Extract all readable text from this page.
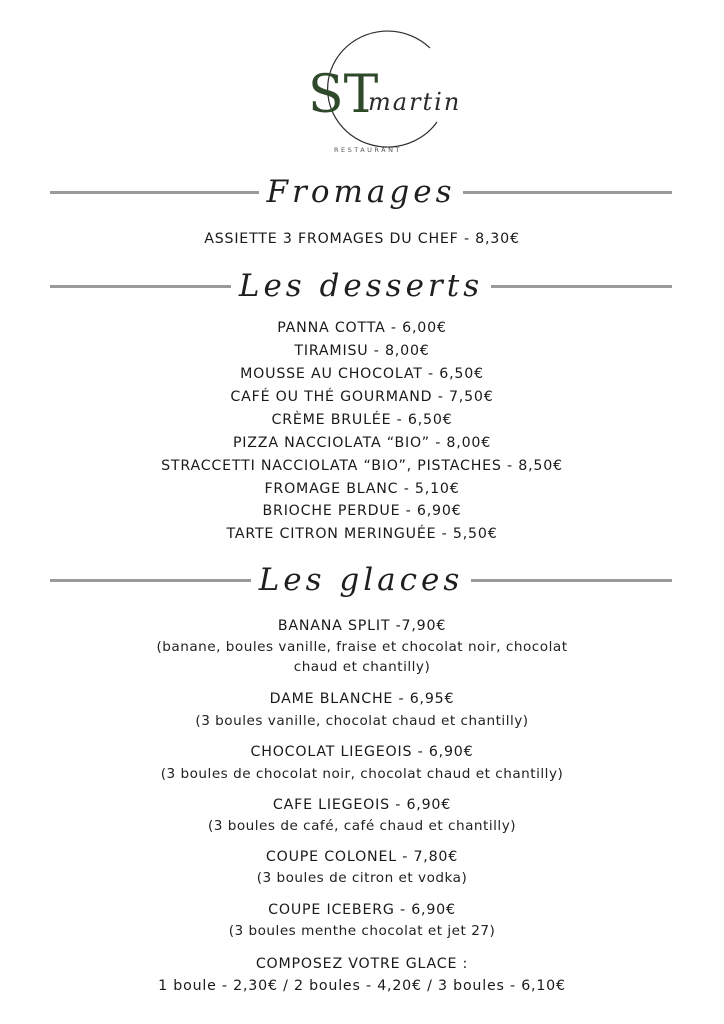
ST
martin
RESTAURANT
Fromages
ASSIETTE 3 FROMAGES DU CHEF - 8,30€
Les desserts
PANNA COTTA - 6,00€
TIRAMISU - 8,00€
MOUSSE AU CHOCOLAT - 6,50€
CAFÉ OU THÉ GOURMAND - 7,50€
CRÈME BRULÉE - 6,50€
PIZZA NACCIOLATA “BIO” - 8,00€
STRACCETTI NACCIOLATA “BIO”, PISTACHES - 8,50€
FROMAGE BLANC - 5,10€
BRIOCHE PERDUE - 6,90€
TARTE CITRON MERINGUÉE - 5,50€
Les glaces
BANANA SPLIT -7,90€
(banane, boules vanille, fraise et chocolat noir, chocolat
chaud et chantilly)
DAME BLANCHE - 6,95€
(3 boules vanille, chocolat chaud et chantilly)
CHOCOLAT LIEGEOIS - 6,90€
(3 boules de chocolat noir, chocolat chaud et chantilly)
CAFE LIEGEOIS - 6,90€
(3 boules de café, café chaud et chantilly)
COUPE COLONEL - 7,80€
(3 boules de citron et vodka)
COUPE ICEBERG - 6,90€
(3 boules menthe chocolat et jet 27)
COMPOSEZ VOTRE GLACE :
1 boule - 2,30€ / 2 boules - 4,20€ / 3 boules - 6,10€
